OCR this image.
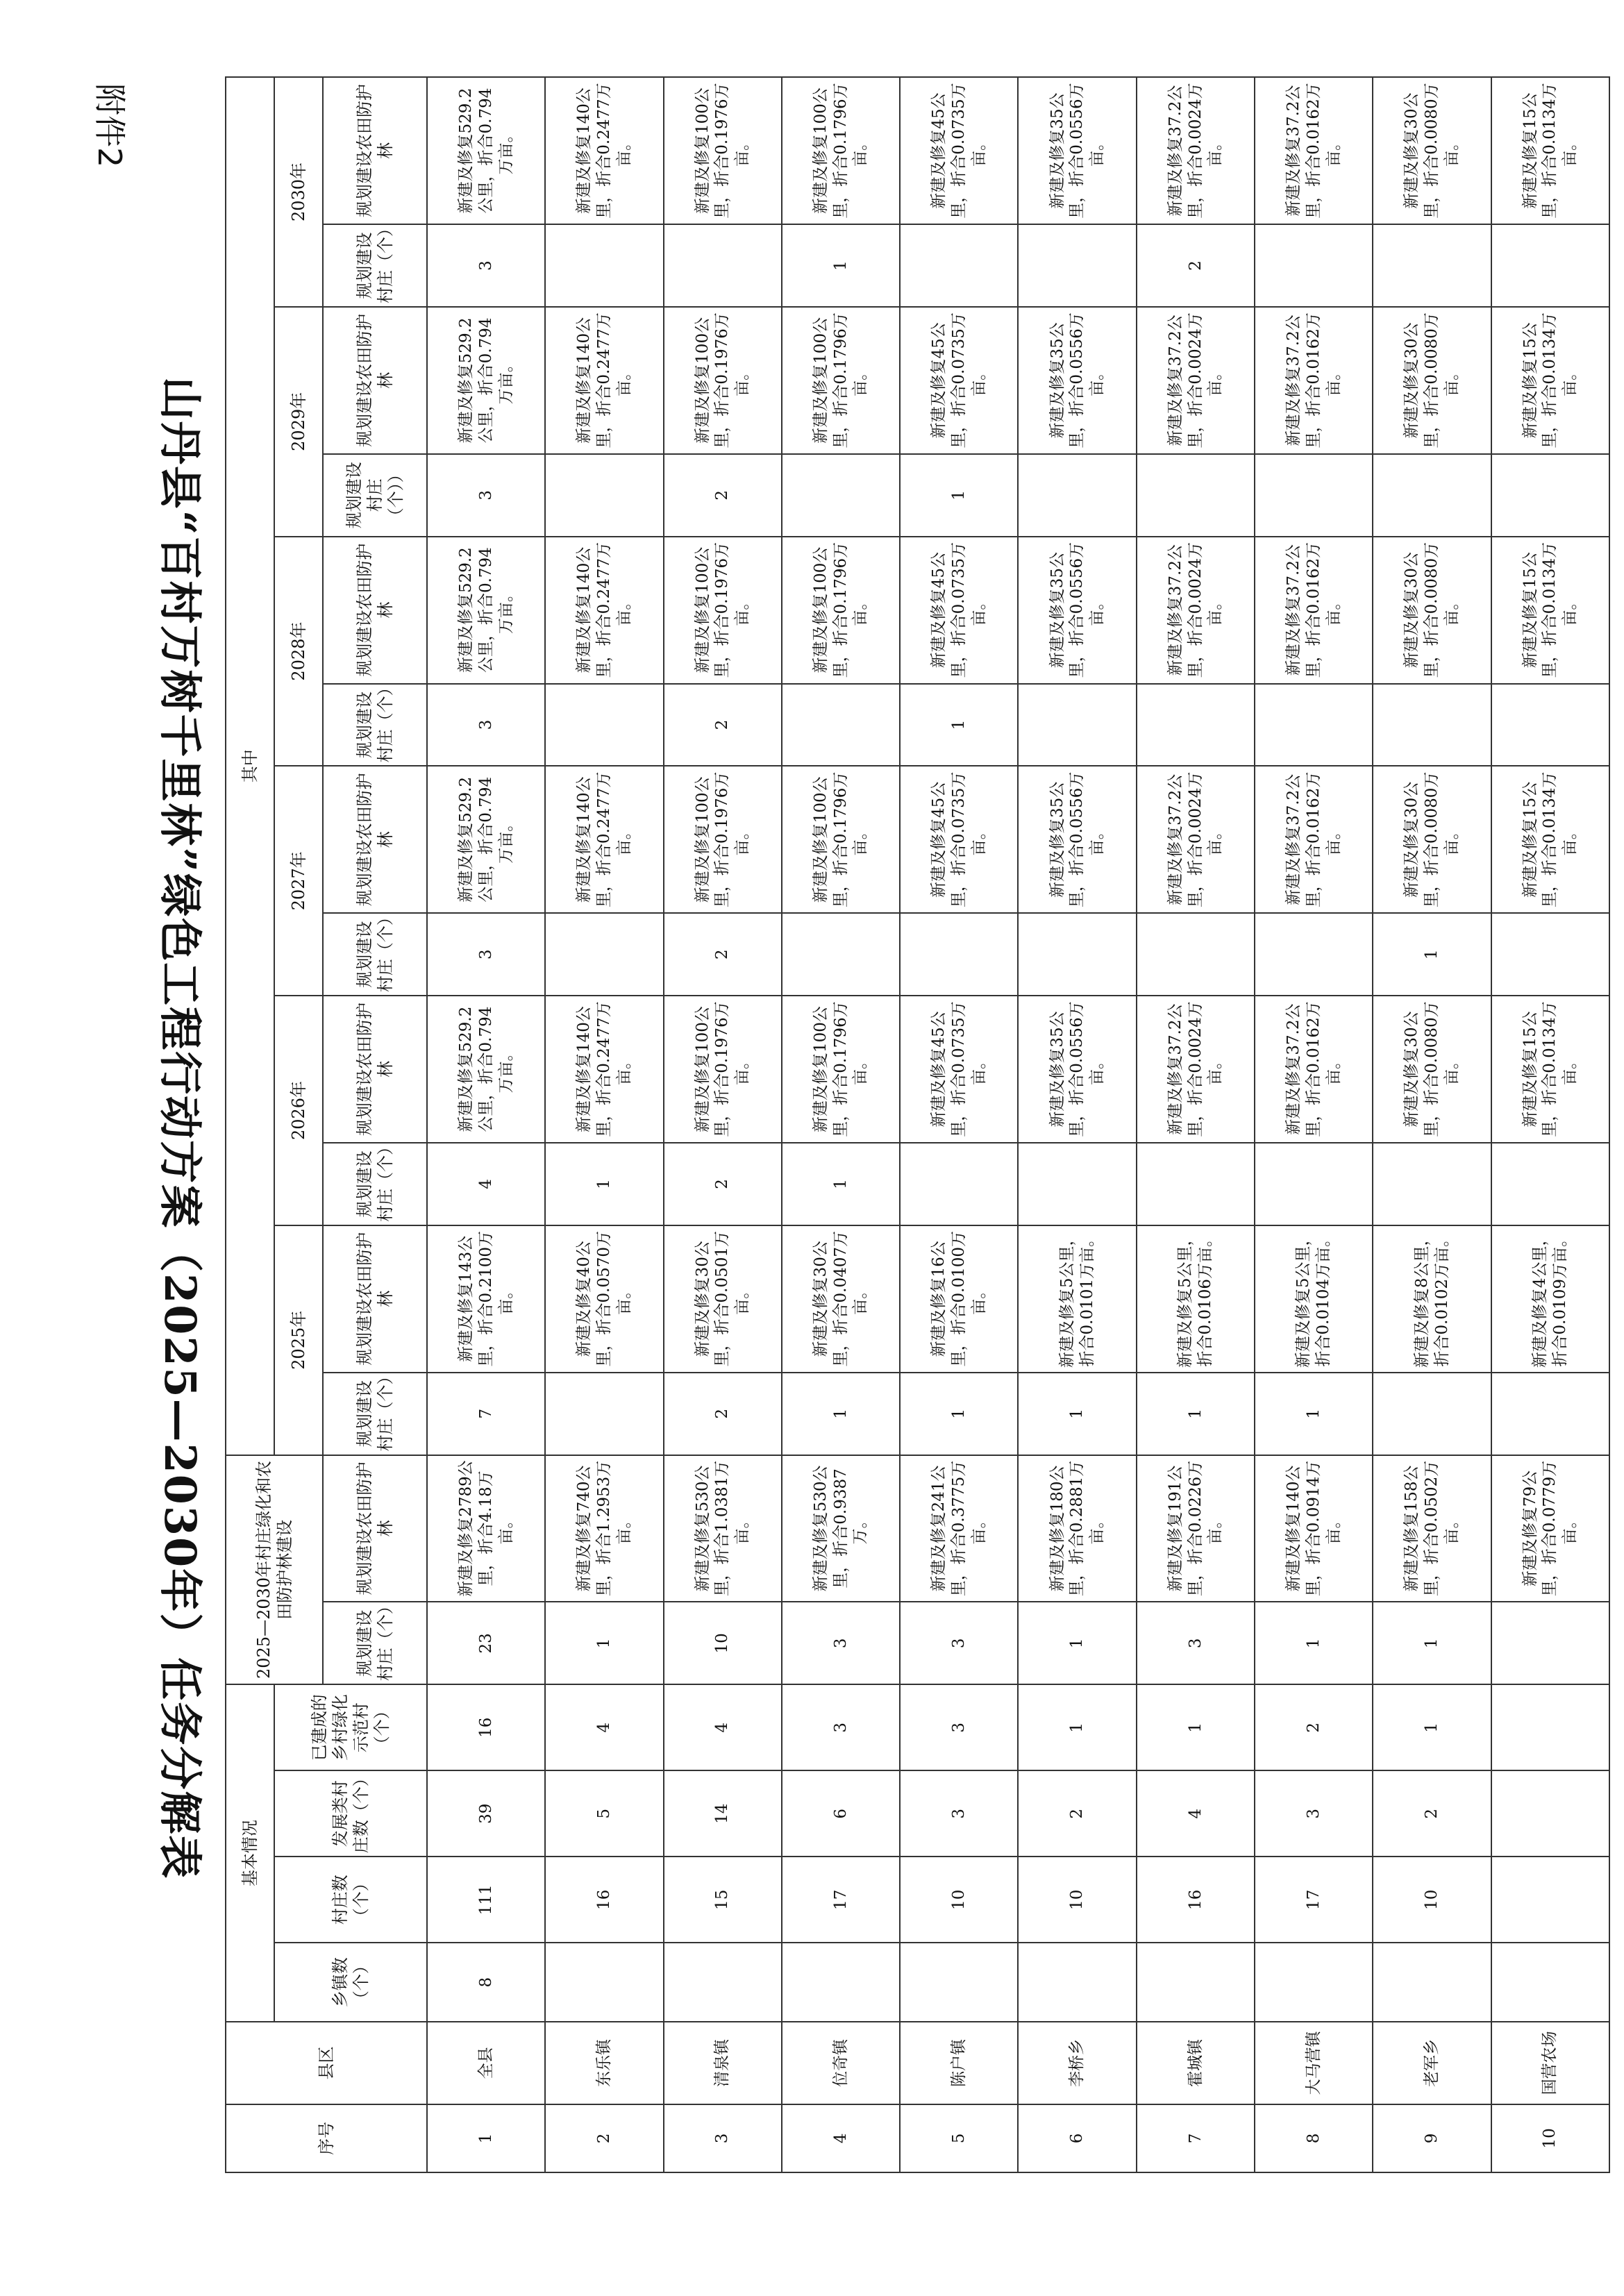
附件2
山丹县“百村万树千里林”绿色工程行动方案（2025—2030年）任务分解表
序号	县区	基本情况				2025—2030年村庄绿化和农田防护林建设		其中											
		乡镇数（个）	村庄数（个）	发展类村庄数（个）	已建成的乡村绿化示范村（个）			2025年		2026年		2027年		2028年		2029年		2030年	
						规划建设村庄（个）	规划建设农田防护林	规划建设村庄（个）	规划建设农田防护林	规划建设村庄（个）	规划建设农田防护林	规划建设村庄（个）	规划建设农田防护林	规划建设村庄（个）	规划建设农田防护林	规划建设村庄（个））	规划建设农田防护林	规划建设村庄（个）	规划建设农田防护林
1	全县	8	111	39	16	23	新建及修复2789公里，折合4.18万亩。	7	新建及修复143公里，折合0.2100万亩。	4	新建及修复529.2公里，折合0.794万亩。	3	新建及修复529.2公里，折合0.794万亩。	3	新建及修复529.2公里，折合0.794万亩。	3	新建及修复529.2公里，折合0.794万亩。	3	新建及修复529.2公里，折合0.794万亩。
2	东乐镇		16	5	4	1	新建及修复740公里，折合1.2953万亩。		新建及修复40公里，折合0.0570万亩。	1	新建及修复140公里，折合0.2477万亩。		新建及修复140公里，折合0.2477万亩。		新建及修复140公里，折合0.2477万亩。		新建及修复140公里，折合0.2477万亩。		新建及修复140公里，折合0.2477万亩。
3	清泉镇		15	14	4	10	新建及修复530公里，折合1.0381万亩。	2	新建及修复30公里，折合0.0501万亩。	2	新建及修复100公里，折合0.1976万亩。	2	新建及修复100公里，折合0.1976万亩。	2	新建及修复100公里，折合0.1976万亩。	2	新建及修复100公里，折合0.1976万亩。		新建及修复100公里，折合0.1976万亩。
4	位奇镇		17	6	3	3	新建及修复530公里，折合0.9387万。	1	新建及修复30公里，折合0.0407万亩。	1	新建及修复100公里，折合0.1796万亩。		新建及修复100公里，折合0.1796万亩。		新建及修复100公里，折合0.1796万亩。		新建及修复100公里，折合0.1796万亩。	1	新建及修复100公里，折合0.1796万亩。
5	陈户镇		10	3	3	3	新建及修复241公里，折合0.3775万亩。	1	新建及修复16公里，折合0.0100万亩。		新建及修复45公里，折合0.0735万亩。		新建及修复45公里，折合0.0735万亩。	1	新建及修复45公里，折合0.0735万亩。	1	新建及修复45公里，折合0.0735万亩。		新建及修复45公里，折合0.0735万亩。
6	李桥乡		10	2	1	1	新建及修复180公里，折合0.2881万亩。	1	新建及修复5公里，折合0.0101万亩。		新建及修复35公里，折合0.0556万亩。		新建及修复35公里，折合0.0556万亩。		新建及修复35公里，折合0.0556万亩。		新建及修复35公里，折合0.0556万亩。		新建及修复35公里，折合0.0556万亩。
7	霍城镇		16	4	1	3	新建及修复191公里，折合0.0226万亩。	1	新建及修复5公里，折合0.0106万亩。		新建及修复37.2公里，折合0.0024万亩。		新建及修复37.2公里，折合0.0024万亩。		新建及修复37.2公里，折合0.0024万亩。		新建及修复37.2公里，折合0.0024万亩。	2	新建及修复37.2公里，折合0.0024万亩。
8	大马营镇		17	3	2	1	新建及修复140公里，折合0.0914万亩。	1	新建及修复5公里，折合0.0104万亩。		新建及修复37.2公里，折合0.0162万亩。		新建及修复37.2公里，折合0.0162万亩。		新建及修复37.2公里，折合0.0162万亩。		新建及修复37.2公里，折合0.0162万亩。		新建及修复37.2公里，折合0.0162万亩。
9	老军乡		10	2	1	1	新建及修复158公里，折合0.0502万亩。		新建及修复8公里，折合0.0102万亩。		新建及修复30公里，折合0.0080万亩。	1	新建及修复30公里，折合0.0080万亩。		新建及修复30公里，折合0.0080万亩。		新建及修复30公里，折合0.0080万亩。		新建及修复30公里，折合0.0080万亩。
10	国营农场						新建及修复79公里，折合0.0779万亩。		新建及修复4公里，折合0.0109万亩。		新建及修复15公里，折合0.0134万亩。		新建及修复15公里，折合0.0134万亩。		新建及修复15公里，折合0.0134万亩。		新建及修复15公里，折合0.0134万亩。		新建及修复15公里，折合0.0134万亩。
